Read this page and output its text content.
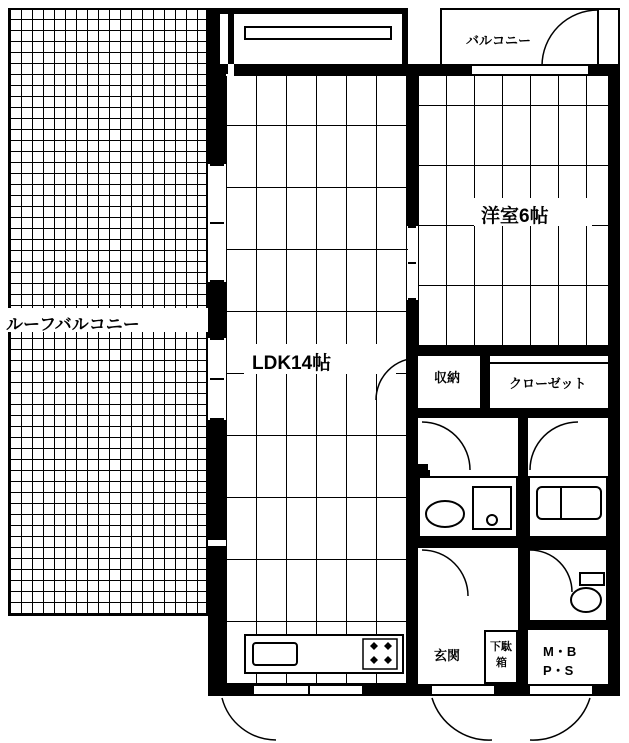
ルーフバルコニー
バルコニー
LDK14帖
洋室6帖
収納	クローゼット
玄関
下駄
箱
M・B
P・S
